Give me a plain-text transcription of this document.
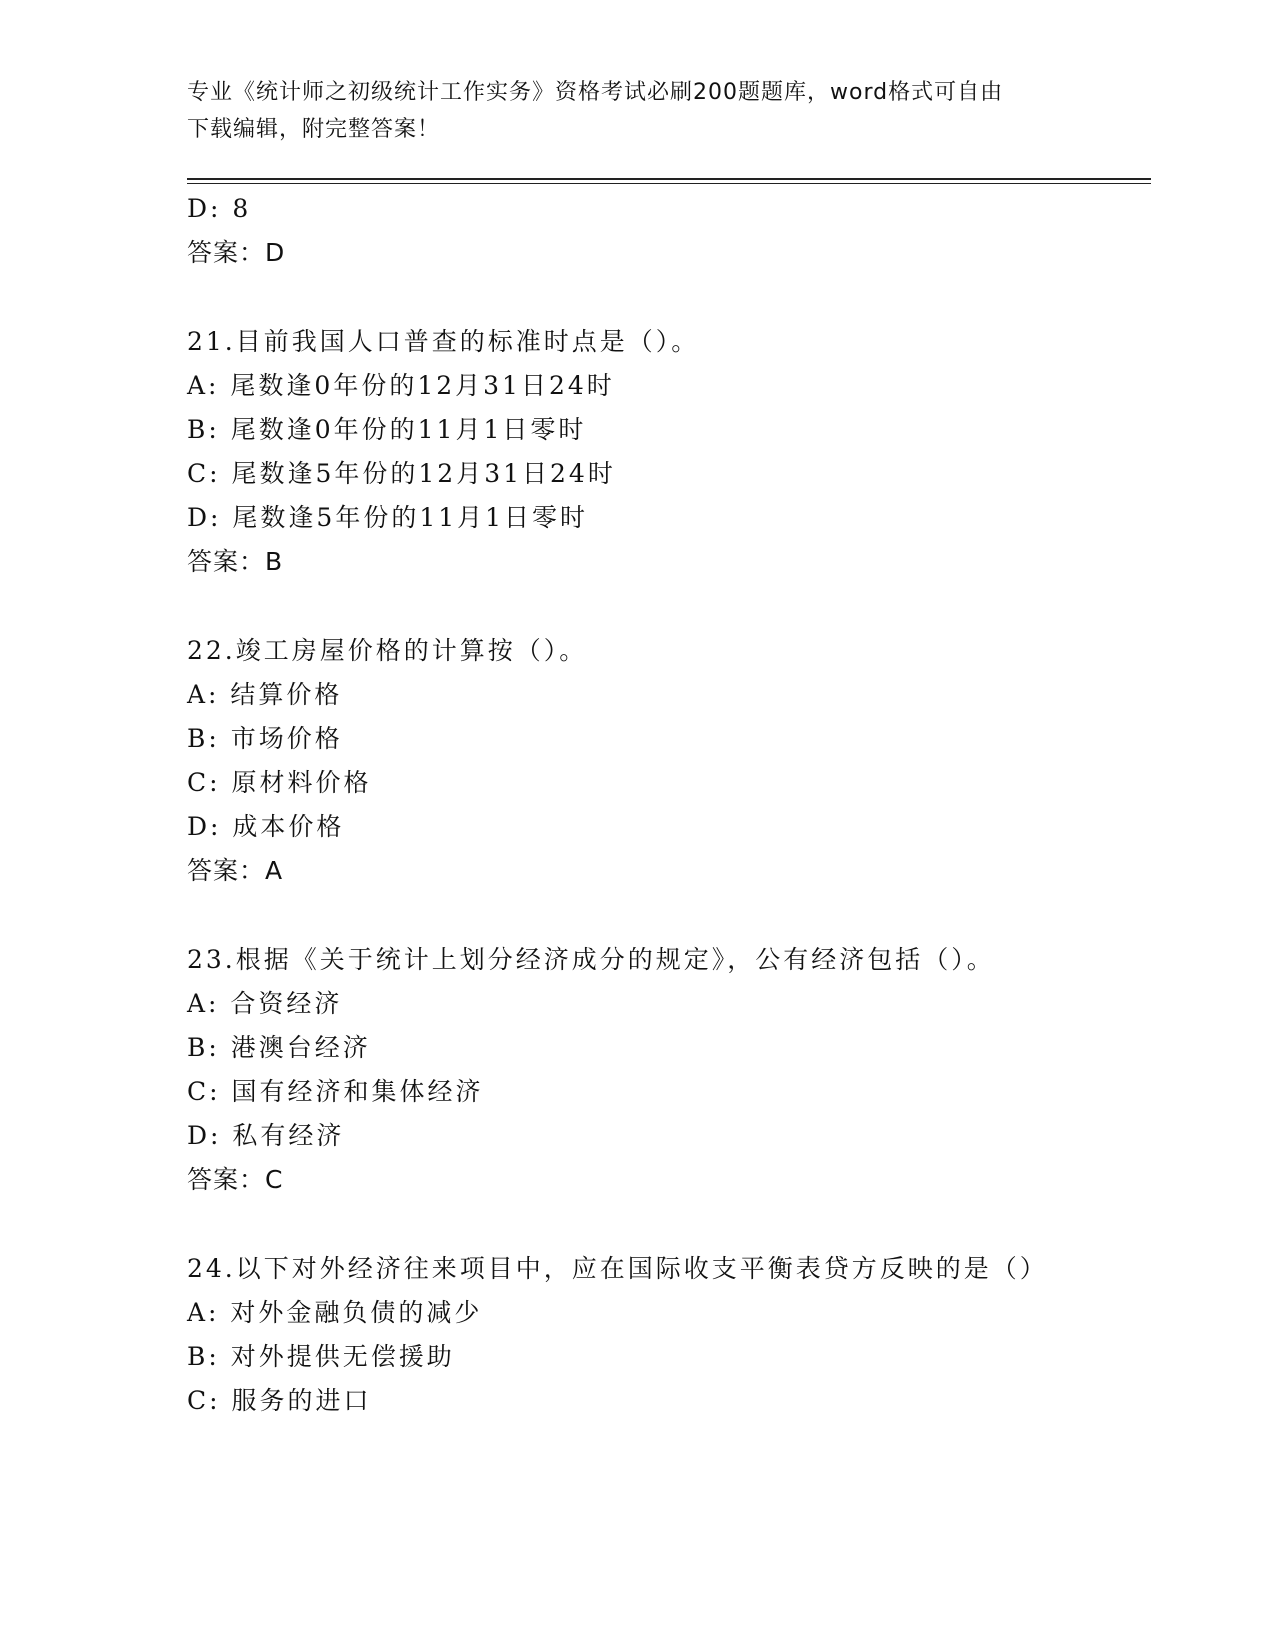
专业《统计师之初级统计工作实务》资格考试必刷200题题库，word格式可自由
下载编辑，附完整答案！
D: 8
答案：D
21.目前我国人口普查的标准时点是（）。
A: 尾数逢0年份的12月31日24时
B: 尾数逢0年份的11月1日零时
C: 尾数逢5年份的12月31日24时
D: 尾数逢5年份的11月1日零时
答案：B
22.竣工房屋价格的计算按（）。
A: 结算价格
B: 市场价格
C: 原材料价格
D: 成本价格
答案：A
23.根据《关于统计上划分经济成分的规定》，公有经济包括（）。
A: 合资经济
B: 港澳台经济
C: 国有经济和集体经济
D: 私有经济
答案：C
24.以下对外经济往来项目中，应在国际收支平衡表贷方反映的是（）
A: 对外金融负债的减少
B: 对外提供无偿援助
C: 服务的进口
